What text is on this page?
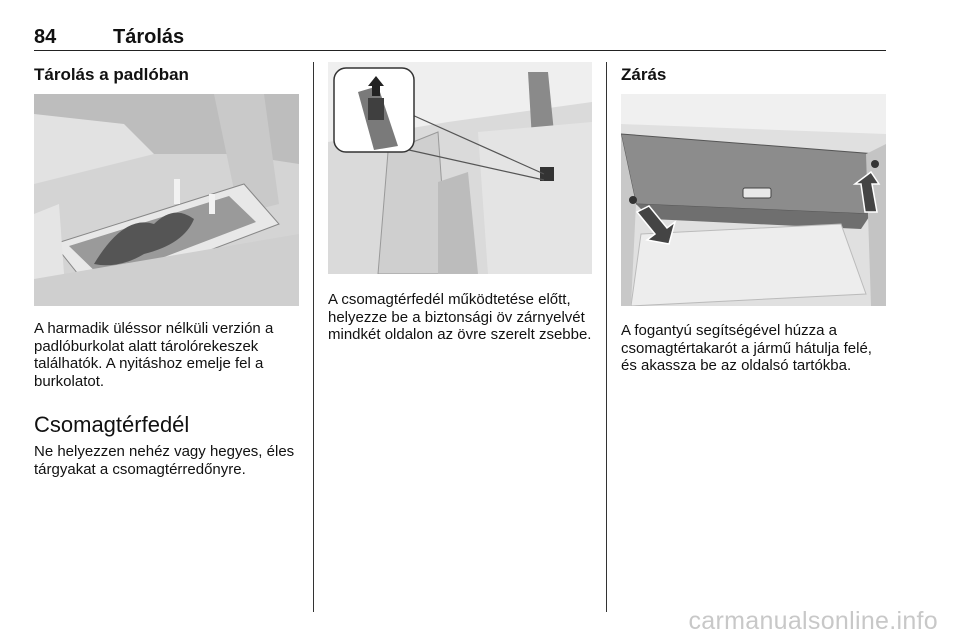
84	Tárolás
Tárolás a padlóban

A harmadik üléssor nélküli verzión a padlóburkolat alatt tárolórekeszek találhatók. A nyitáshoz emelje fel a burkolatot.

Csomagtérfedél

Ne helyezzen nehéz vagy hegyes, éles tárgyakat a csomagtérredőnyre.

A csomagtérfedél működtetése előtt, helyezze be a biztonsági öv zárnyelvét mindkét oldalon az övre szerelt zsebbe.

Zárás

A fogantyú segítségével húzza a csomagtértakarót a jármű hátulja felé, és akassza be az oldalsó tartókba.

carmanualsonline.info
